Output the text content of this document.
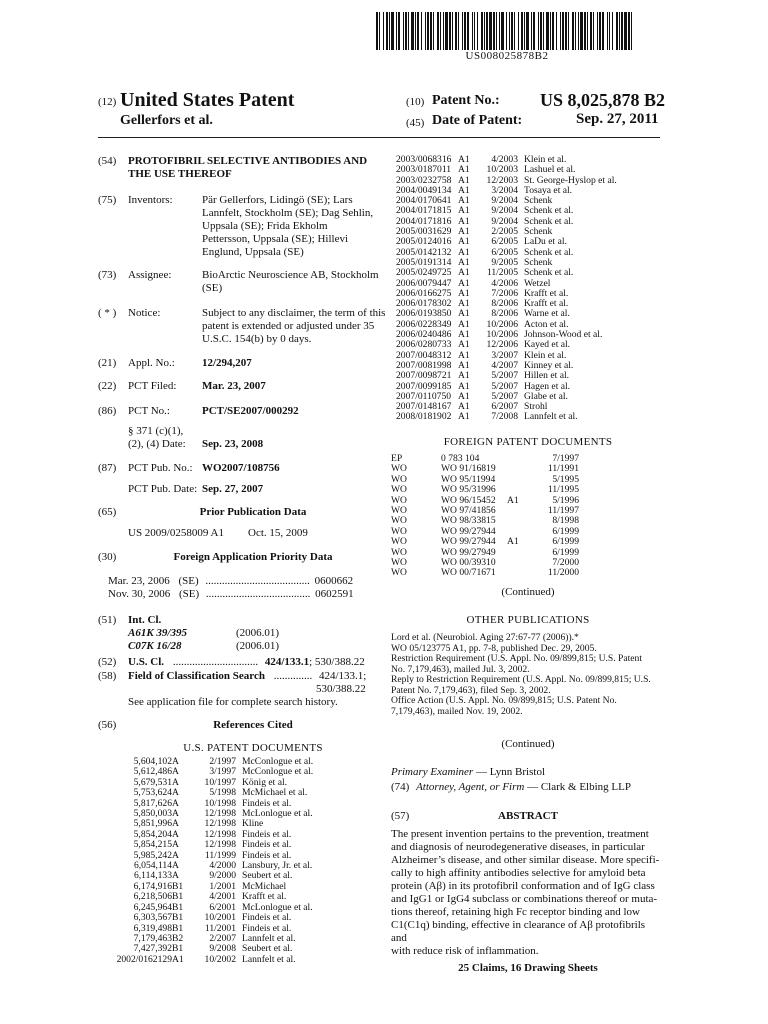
US008025878B2
(12) United States Patent
Gellerfors et al.
(10) Patent No.: US 8,025,878 B2
(45) Date of Patent:	Sep. 27, 2011
(54) PROTOFIBRIL SELECTIVE ANTIBODIES AND THE USE THEREOF
(75) Inventors:	Pär Gellerfors, Lidingö (SE); Lars
Lannfelt, Stockholm (SE); Dag Sehlin,
Uppsala (SE); Frida Ekholm
Pettersson, Uppsala (SE); Hillevi
Englund, Uppsala (SE)
(73) Assignee:	BioArctic Neuroscience AB, Stockholm
(SE)
( * ) Notice:	Subject to any disclaimer, the term of this
patent is extended or adjusted under 35
U.S.C. 154(b) by 0 days.
(21) Appl. No.: 12/294,207
(22) PCT Filed: Mar. 23, 2007
(86) PCT No.:	PCT/SE2007/000292
§ 371 (c)(1),
(2), (4) Date: Sep. 23, 2008
(87) PCT Pub. No.: WO2007/108756
PCT Pub. Date: Sep. 27, 2007
(65)	Prior Publication Data
US 2009/0258009 A1 Oct. 15, 2009
(30)	Foreign Application Priority Data
Mar. 23, 2006 (SE) ...................................... 0600662
Nov. 30, 2006 (SE) ...................................... 0602591
(51) Int. Cl.
A61K 39/395	(2006.01)
C07K 16/28	(2006.01)
(52) U.S. Cl. ............................... 424/133.1; 530/388.22
(58) Field of Classification Search .............. 424/133.1;
530/388.22
See application file for complete search history.
(56)	References Cited
U.S. PATENT DOCUMENTS
5,604,102	A	2/1997	McConlogue et al.
5,612,486	A	3/1997	McConlogue et al.
5,679,531	A	10/1997	König et al.
5,753,624	A	5/1998	McMichael et al.
5,817,626	A	10/1998	Findeis et al.
5,850,003	A	12/1998	McLonlogue et al.
5,851,996	A	12/1998	Kline
5,854,204	A	12/1998	Findeis et al.
5,854,215	A	12/1998	Findeis et al.
5,985,242	A	11/1999	Findeis et al.
6,054,114	A	4/2000	Lansbury, Jr. et al.
6,114,133	A	9/2000	Seubert et al.
6,174,916	B1	1/2001	McMichael
6,218,506	B1	4/2001	Krafft et al.
6,245,964	B1	6/2001	McLonlogue et al.
6,303,567	B1	10/2001	Findeis et al.
6,319,498	B1	11/2001	Findeis et al.
7,179,463	B2	2/2007	Lannfelt et al.
7,427,392	B1	9/2008	Seubert et al.
2002/0162129	A1	10/2002	Lannfelt et al.
2003/0068316	A1	4/2003	Klein et al.
2003/0187011	A1	10/2003	Lashuel et al.
2003/0232758	A1	12/2003	St. George-Hyslop et al.
2004/0049134	A1	3/2004	Tosaya et al.
2004/0170641	A1	9/2004	Schenk
2004/0171815	A1	9/2004	Schenk et al.
2004/0171816	A1	9/2004	Schenk et al.
2005/0031629	A1	2/2005	Schenk
2005/0124016	A1	6/2005	LaDu et al.
2005/0142132	A1	6/2005	Schenk et al.
2005/0191314	A1	9/2005	Schenk
2005/0249725	A1	11/2005	Schenk et al.
2006/0079447	A1	4/2006	Wetzel
2006/0166275	A1	7/2006	Krafft et al.
2006/0178302	A1	8/2006	Krafft et al.
2006/0193850	A1	8/2006	Warne et al.
2006/0228349	A1	10/2006	Acton et al.
2006/0240486	A1	10/2006	Johnson-Wood et al.
2006/0280733	A1	12/2006	Kayed et al.
2007/0048312	A1	3/2007	Klein et al.
2007/0081998	A1	4/2007	Kinney et al.
2007/0098721	A1	5/2007	Hillen et al.
2007/0099185	A1	5/2007	Hagen et al.
2007/0110750	A1	5/2007	Glabe et al.
2007/0148167	A1	6/2007	Strohl
2008/0181902	A1	7/2008	Lannfelt et al.
FOREIGN PATENT DOCUMENTS
EP	0 783 104		7/1997
WO	WO 91/16819		11/1991
WO	WO 95/11994		5/1995
WO	WO 95/31996		11/1995
WO	WO 96/15452	A1	5/1996
WO	WO 97/41856		11/1997
WO	WO 98/33815		8/1998
WO	WO 99/27944		6/1999
WO	WO 99/27944	A1	6/1999
WO	WO 99/27949		6/1999
WO	WO 00/39310		7/2000
WO	WO 00/71671		11/2000
(Continued)
OTHER PUBLICATIONS
Lord et al. (Neurobiol. Aging 27:67-77 (2006)).*
WO 05/123775 A1, pp. 7-8, published Dec. 29, 2005.
Restriction Requirement (U.S. Appl. No. 09/899,815; U.S. Patent
No. 7,179,463), mailed Jul. 3, 2002.
Reply to Restriction Requirement (U.S. Appl. No. 09/899,815; U.S.
Patent No. 7,179,463), filed Sep. 3, 2002.
Office Action (U.S. Appl. No. 09/899,815; U.S. Patent No.
7,179,463), mailed Nov. 19, 2002.
(Continued)
Primary Examiner — Lynn Bristol
(74) Attorney, Agent, or Firm — Clark & Elbing LLP
(57)	ABSTRACT
The present invention pertains to the prevention, treatment
and diagnosis of neurodegenerative diseases, in particular
Alzheimer’s disease, and other similar disease. More specifi-
cally to high affinity antibodies selective for amyloid beta
protein (Aβ) in its protofibril conformation and of IgG class
and IgG1 or IgG4 subclass or combinations thereof or muta-
tions thereof, retaining high Fc receptor binding and low
C1(C1q) binding, effective in clearance of Aβ protofibrils and
with reduce risk of inflammation.
25 Claims, 16 Drawing Sheets
